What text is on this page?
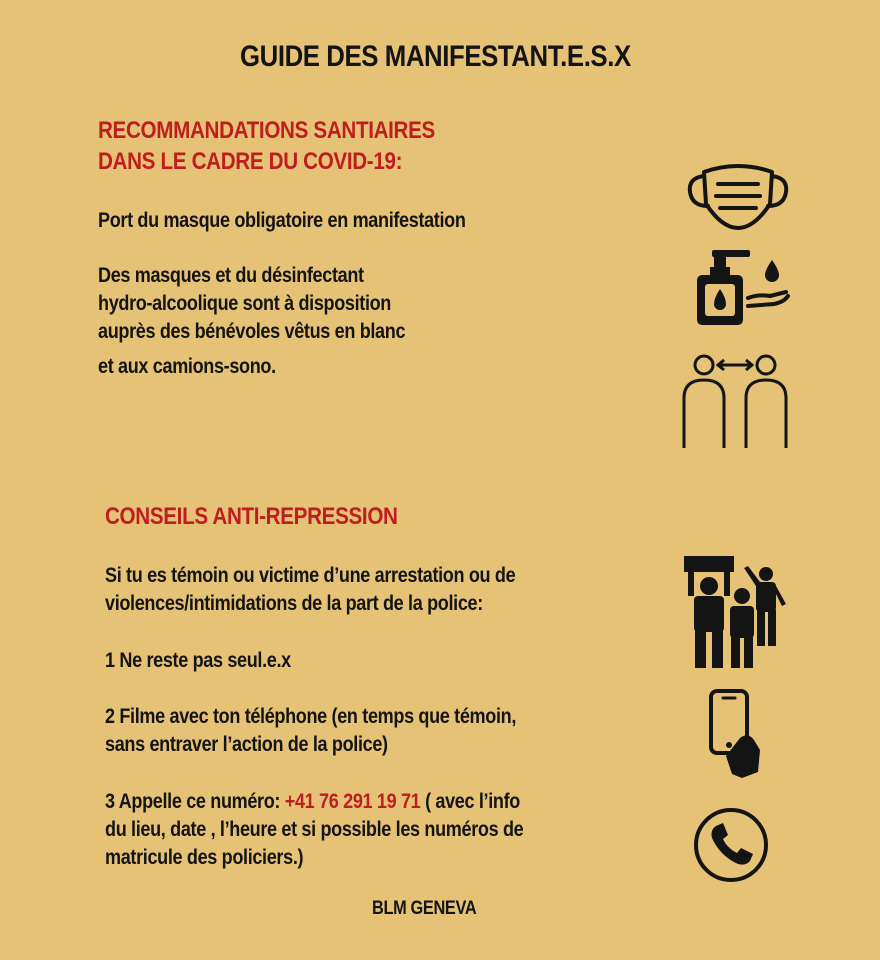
GUIDE DES MANIFESTANT.E.S.X
RECOMMANDATIONS SANTIAIRES
DANS LE CADRE DU COVID-19:
Port du masque obligatoire en manifestation
Des masques et du désinfectant
hydro-alcoolique sont à disposition
auprès des bénévoles vêtus en blanc
et aux camions-sono.
CONSEILS ANTI-REPRESSION
Si tu es témoin ou victime d’une arrestation ou de
violences/intimidations de la part de la police:
1 Ne reste pas seul.e.x
2 Filme avec ton téléphone (en temps que témoin,
sans entraver l’action de la police)
3 Appelle ce numéro: +41 76 291 19 71 ( avec l’info
du lieu, date , l’heure et si possible les numéros de
matricule des policiers.)
BLM GENEVA
